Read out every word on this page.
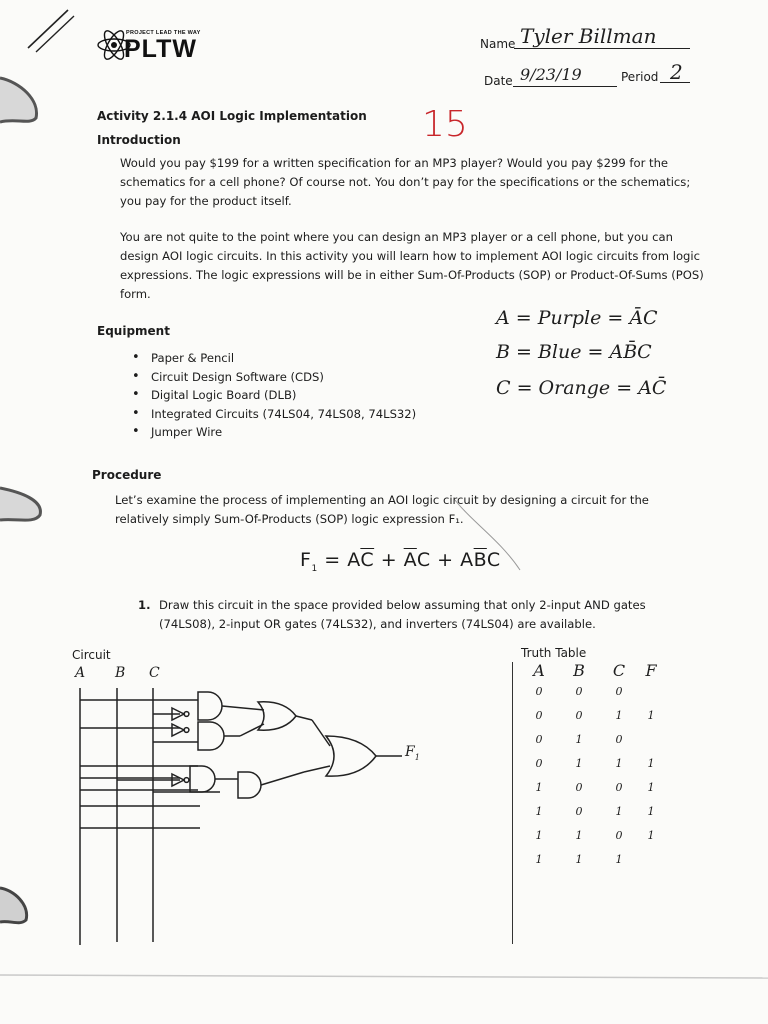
PROJECT LEAD THE WAY
PLTW	Name Tyler Billman
Date 9/23/19	Period 2
Activity 2.1.4 AOI Logic Implementation 15
Introduction

Would you pay $199 for a written specification for an MP3 player? Would you pay $299 for the schematics for a cell phone? Of course not. You don’t pay for the specifications or the schematics; you pay for the product itself.

You are not quite to the point where you can design an MP3 player or a cell phone, but you can design AOI logic circuits. In this activity you will learn how to implement AOI logic circuits from logic expressions. The logic expressions will be in either Sum-Of-Products (SOP) or Product-Of-Sums (POS) form.

Equipment
• Paper & Pencil
• Circuit Design Software (CDS)
• Digital Logic Board (DLB)
• Integrated Circuits (74LS04, 74LS08, 74LS32)
• Jumper Wire
A = Purple = ĀC
B = Blue = AB̄C
C = Orange = AC̄
Procedure

Let’s examine the process of implementing an AOI logic circuit by designing a circuit for the relatively simply Sum-Of-Products (SOP) logic expression F₁.

$F_1 = A\overline{C} + \overline{A}C + A\overline{B}C$
1. Draw this circuit in the space provided below assuming that only 2-input AND gates (74LS08), 2-input OR gates (74LS32), and inverters (74LS04) are available.

Circuit
A B C
$F_1$
Truth Table
A	B	C	F
0	0	0
0	0	1	1
0	1	0
0	1	1	1
1	0	0	1
1	0	1	1
1	1	0	1
1	1	1
